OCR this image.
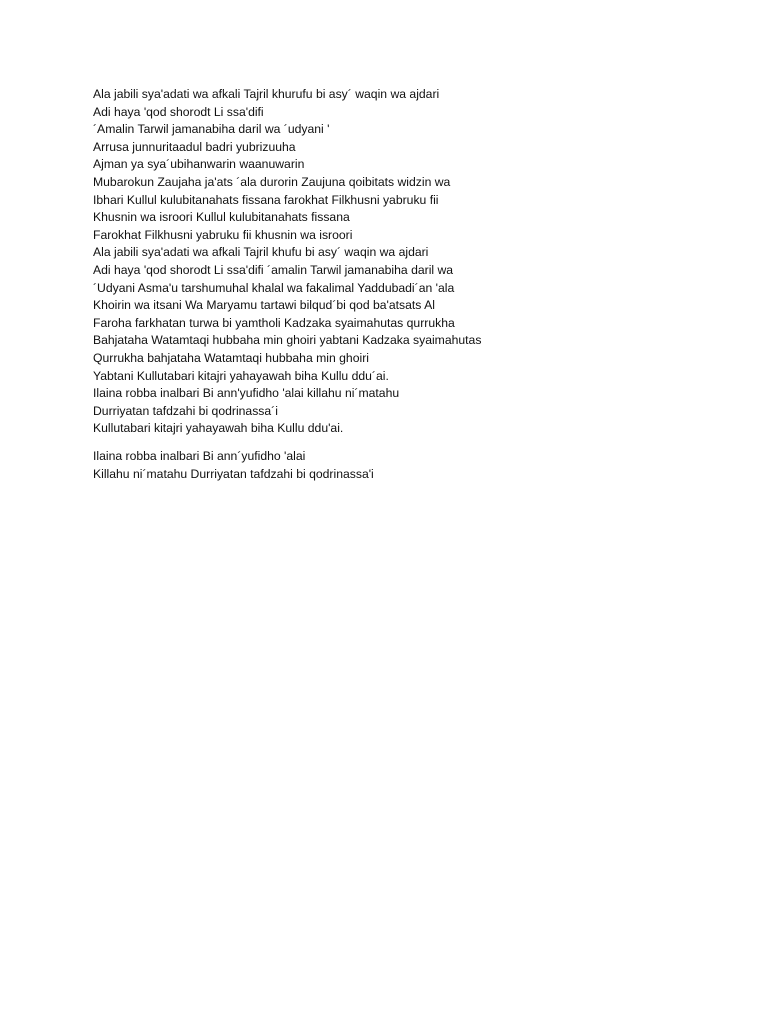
Ala jabili sya'adati wa afkali Tajril khurufu bi asy´ waqin wa ajdari
Adi haya 'qod shorodt Li ssa'difi
´Amalin Tarwil jamanabiha daril wa ´udyani '
Arrusa junnuritaadul badri yubrizuuha
Ajman ya sya´ubihanwarin waanuwarin
Mubarokun Zaujaha ja'ats ´ala durorin Zaujuna qoibitats widzin wa
Ibhari Kullul kulubitanahats fissana farokhat Filkhusni yabruku fii
Khusnin wa isroori Kullul kulubitanahats fissana
Farokhat Filkhusni yabruku fii khusnin wa isroori
Ala jabili sya'adati wa afkali Tajril khufu bi asy´ waqin wa ajdari
Adi haya 'qod shorodt Li ssa'difi ´amalin Tarwil jamanabiha daril wa
´Udyani Asma'u tarshumuhal khalal wa fakalimal Yaddubadi´an 'ala
Khoirin wa itsani Wa Maryamu tartawi bilqud´bi qod ba'atsats Al
Faroha farkhatan turwa bi yamtholi Kadzaka syaimahutas qurrukha
Bahjataha Watamtaqi hubbaha min ghoiri yabtani Kadzaka syaimahutas
Qurrukha bahjataha Watamtaqi hubbaha min ghoiri
Yabtani Kullutabari kitajri yahayawah biha Kullu ddu´ai.
Ilaina robba inalbari Bi ann'yufidho 'alai killahu ni´matahu
Durriyatan tafdzahi bi qodrinassa´i
Kullutabari kitajri yahayawah biha Kullu ddu'ai.
Ilaina robba inalbari Bi ann´yufidho 'alai
Killahu ni´matahu Durriyatan tafdzahi bi qodrinassa'i
